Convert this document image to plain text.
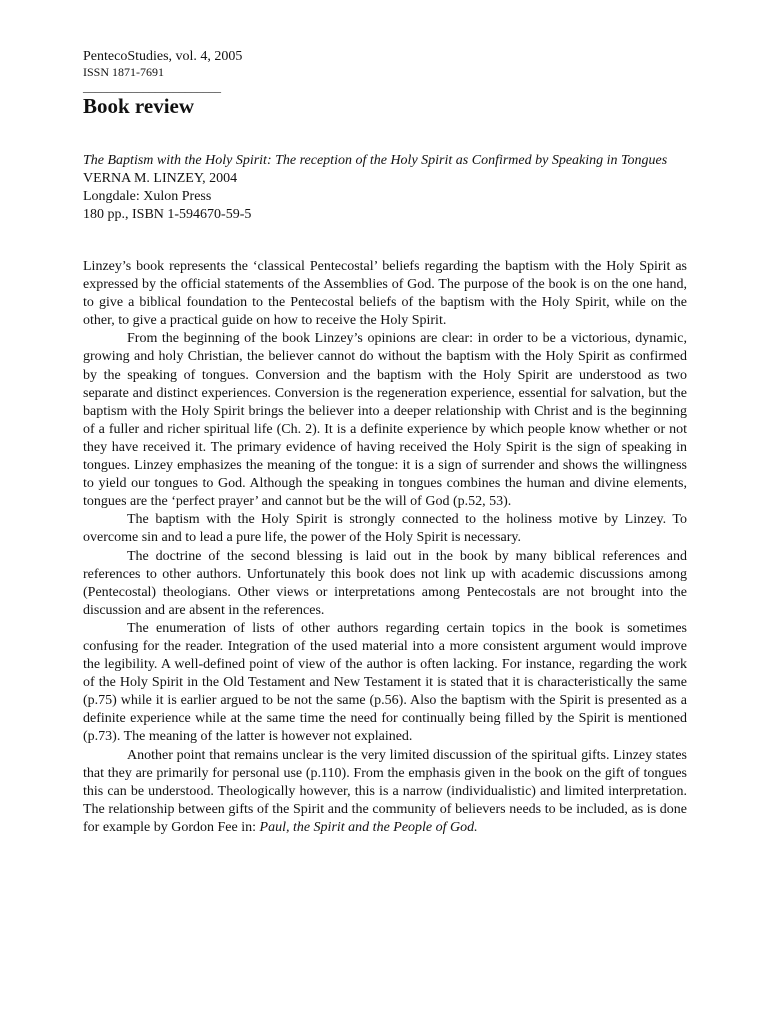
PentecoStudies, vol. 4, 2005
ISSN 1871-7691
_______________________
Book review
The Baptism with the Holy Spirit: The reception of the Holy Spirit as Confirmed by Speaking in Tongues
VERNA M. LINZEY, 2004
Longdale: Xulon Press
180 pp., ISBN 1-594670-59-5

Linzey’s book represents the ‘classical Pentecostal’ beliefs regarding the baptism with the Holy Spirit as expressed by the official statements of the Assemblies of God. The purpose of the book is on the one hand, to give a biblical foundation to the Pentecostal beliefs of the baptism with the Holy Spirit, while on the other, to give a practical guide on how to receive the Holy Spirit.

From the beginning of the book Linzey’s opinions are clear: in order to be a victorious, dynamic, growing and holy Christian, the believer cannot do without the baptism with the Holy Spirit as confirmed by the speaking of tongues. Conversion and the baptism with the Holy Spirit are understood as two separate and distinct experiences. Conversion is the regeneration experience, essential for salvation, but the baptism with the Holy Spirit brings the believer into a deeper relationship with Christ and is the beginning of a fuller and richer spiritual life (Ch. 2). It is a definite experience by which people know whether or not they have received it. The primary evidence of having received the Holy Spirit is the sign of speaking in tongues. Linzey emphasizes the meaning of the tongue: it is a sign of surrender and shows the willingness to yield our tongues to God. Although the speaking in tongues combines the human and divine elements, tongues are the ‘perfect prayer’ and cannot but be the will of God (p.52, 53).

The baptism with the Holy Spirit is strongly connected to the holiness motive by Linzey. To overcome sin and to lead a pure life, the power of the Holy Spirit is necessary.

The doctrine of the second blessing is laid out in the book by many biblical references and references to other authors. Unfortunately this book does not link up with academic discussions among (Pentecostal) theologians. Other views or interpretations among Pentecostals are not brought into the discussion and are absent in the references.

The enumeration of lists of other authors regarding certain topics in the book is sometimes confusing for the reader. Integration of the used material into a more consistent argument would improve the legibility. A well-defined point of view of the author is often lacking. For instance, regarding the work of the Holy Spirit in the Old Testament and New Testament it is stated that it is characteristically the same (p.75) while it is earlier argued to be not the same (p.56). Also the baptism with the Spirit is presented as a definite experience while at the same time the need for continually being filled by the Spirit is mentioned (p.73). The meaning of the latter is however not explained.

Another point that remains unclear is the very limited discussion of the spiritual gifts. Linzey states that they are primarily for personal use (p.110). From the emphasis given in the book on the gift of tongues this can be understood. Theologically however, this is a narrow (individualistic) and limited interpretation. The relationship between gifts of the Spirit and the community of believers needs to be included, as is done for example by Gordon Fee in: Paul, the Spirit and the People of God.
